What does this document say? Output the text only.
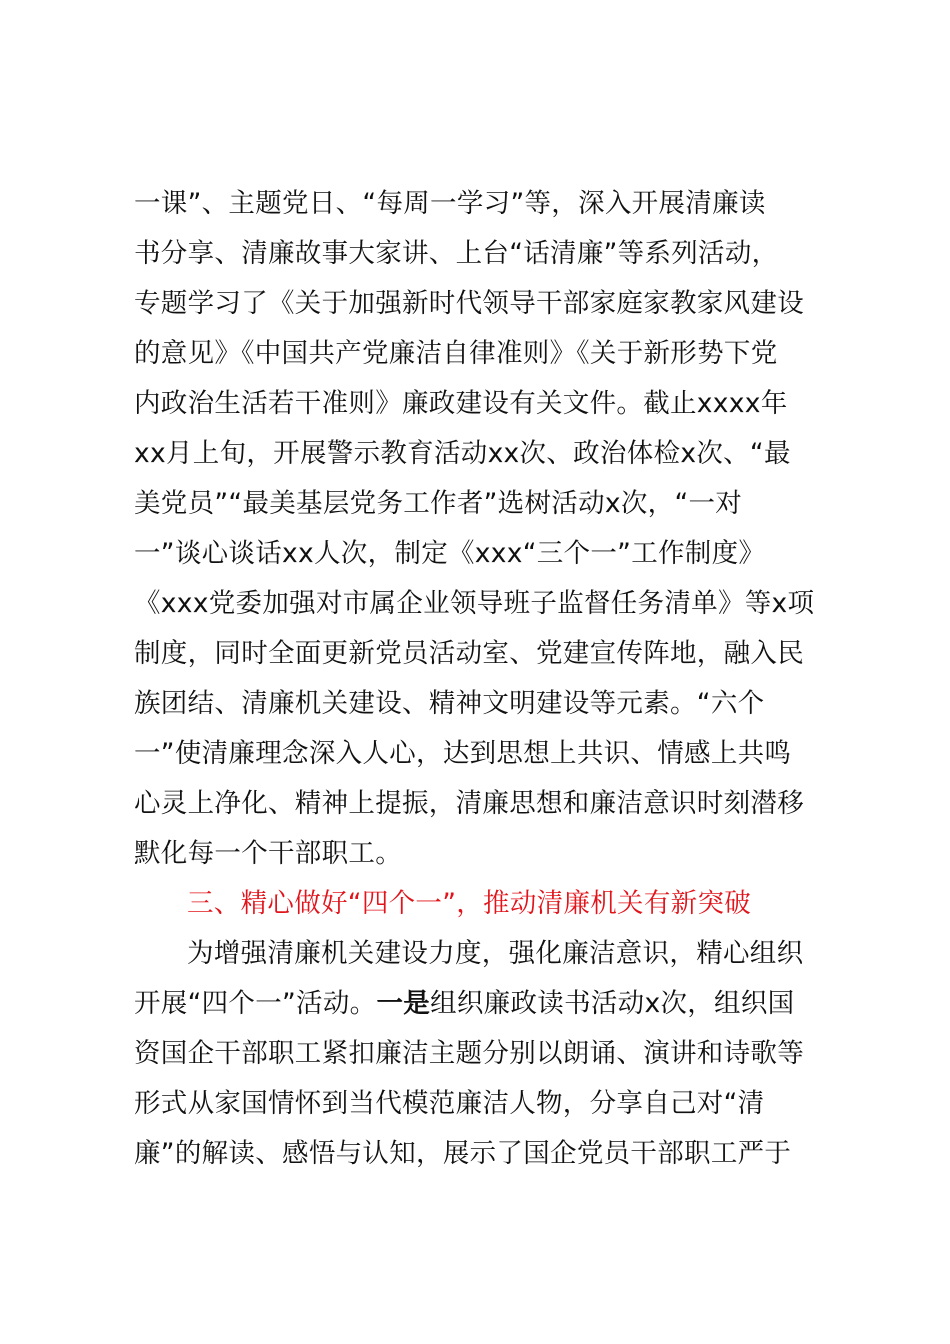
一课”、主题党日、“每周一学习”等，深入开展清廉读
书分享、清廉故事大家讲、上台“话清廉”等系列活动，
专题学习了《关于加强新时代领导干部家庭家教家风建设
的意见》《中国共产党廉洁自律准则》《关于新形势下党
内政治生活若干准则》廉政建设有关文件。截止xxxx年
xx月上旬，开展警示教育活动xx次、政治体检x次、“最
美党员”“最美基层党务工作者”选树活动x次，“一对
一”谈心谈话xx人次，制定《xxx“三个一”工作制度》
《xxx党委加强对市属企业领导班子监督任务清单》等x项
制度，同时全面更新党员活动室、党建宣传阵地，融入民
族团结、清廉机关建设、精神文明建设等元素。“六个
一”使清廉理念深入人心，达到思想上共识、情感上共鸣
心灵上净化、精神上提振，清廉思想和廉洁意识时刻潜移
默化每一个干部职工。
三、精心做好“四个一”，推动清廉机关有新突破
为增强清廉机关建设力度，强化廉洁意识，精心组织
开展“四个一”活动。一是组织廉政读书活动x次，组织国
资国企干部职工紧扣廉洁主题分别以朗诵、演讲和诗歌等
形式从家国情怀到当代模范廉洁人物，分享自己对“清
廉”的解读、感悟与认知，展示了国企党员干部职工严于
